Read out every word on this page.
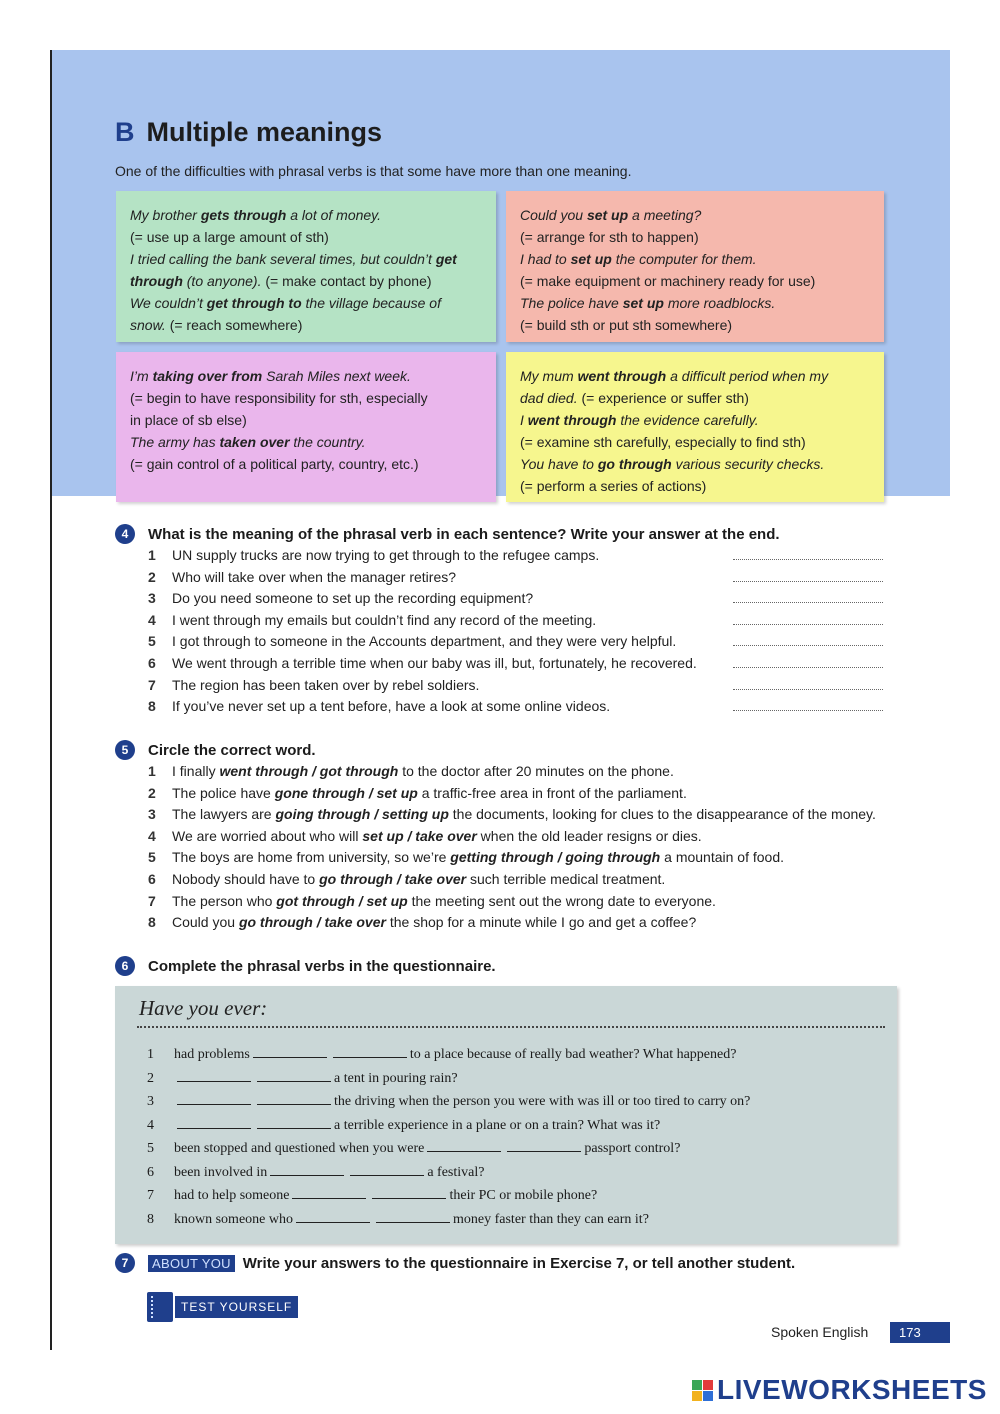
B Multiple meanings
One of the difficulties with phrasal verbs is that some have more than one meaning.
My brother gets through a lot of money.
(= use up a large amount of sth)
I tried calling the bank several times, but couldn’t get
through (to anyone). (= make contact by phone)
We couldn’t get through to the village because of
snow. (= reach somewhere)
Could you set up a meeting?
(= arrange for sth to happen)
I had to set up the computer for them.
(= make equipment or machinery ready for use)
The police have set up more roadblocks.
(= build sth or put sth somewhere)
I’m taking over from Sarah Miles next week.
(= begin to have responsibility for sth, especially
in place of sb else)
The army has taken over the country.
(= gain control of a political party, country, etc.)
My mum went through a difficult period when my
dad died. (= experience or suffer sth)
I went through the evidence carefully.
(= examine sth carefully, especially to find sth)
You have to go through various security checks.
(= perform a series of actions)
4	What is the meaning of the phrasal verb in each sentence? Write your answer at the end.
1 UN supply trucks are now trying to get through to the refugee camps.
2 Who will take over when the manager retires?
3 Do you need someone to set up the recording equipment?
4 I went through my emails but couldn’t find any record of the meeting.
5 I got through to someone in the Accounts department, and they were very helpful.
6 We went through a terrible time when our baby was ill, but, fortunately, he recovered.
7 The region has been taken over by rebel soldiers.
8 If you’ve never set up a tent before, have a look at some online videos.
5	Circle the correct word.
1 I finally went through / got through to the doctor after 20 minutes on the phone.
2 The police have gone through / set up a traffic-free area in front of the parliament.
3 The lawyers are going through / setting up the documents, looking for clues to the disappearance of the money.
4 We are worried about who will set up / take over when the old leader resigns or dies.
5 The boys are home from university, so we’re getting through / going through a mountain of food.
6 Nobody should have to go through / take over such terrible medical treatment.
7 The person who got through / set up the meeting sent out the wrong date to everyone.
8 Could you go through / take over the shop for a minute while I go and get a coffee?
6	Complete the phrasal verbs in the questionnaire.
Have you ever:
1 had problems	to a place because of really bad weather? What happened?
2	a tent in pouring rain?
3	the driving when the person you were with was ill or too tired to carry on?
4	a terrible experience in a plane or on a train? What was it?
5 been stopped and questioned when you were	passport control?
6 been involved in	a festival?
7 had to help someone	their PC or mobile phone?
8 known someone who	money faster than they can earn it?
7	ABOUT YOU Write your answers to the questionnaire in Exercise 7, or tell another student.
TEST YOURSELF
Spoken English	173
LIVEWORKSHEETS
